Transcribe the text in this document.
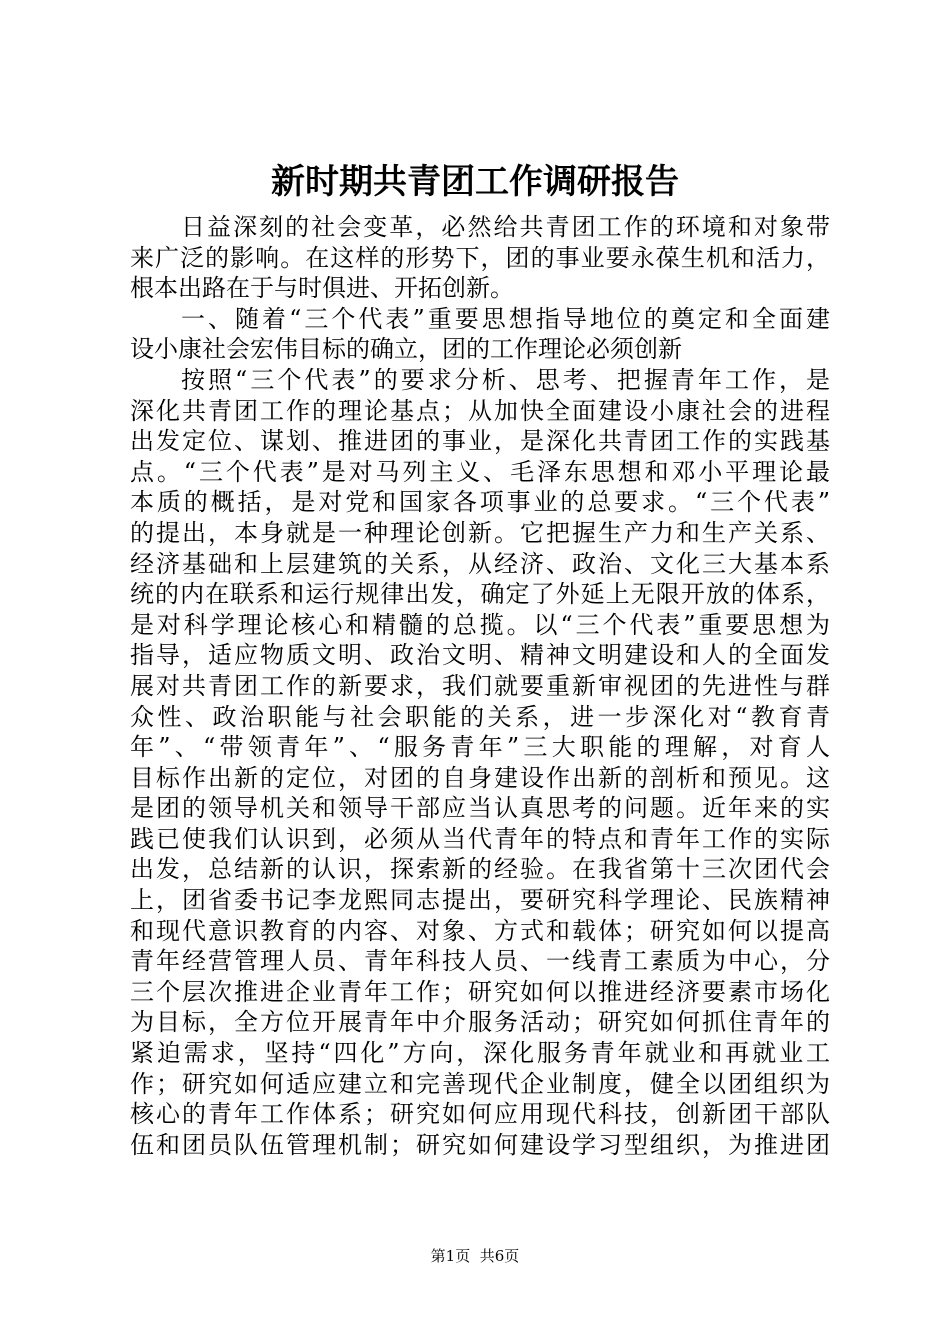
新时期共青团工作调研报告
日益深刻的社会变革，必然给共青团工作的环境和对象带
来广泛的影响。在这样的形势下，团的事业要永葆生机和活力，
根本出路在于与时俱进、开拓创新。
一、随着“三个代表”重要思想指导地位的奠定和全面建
设小康社会宏伟目标的确立，团的工作理论必须创新
按照“三个代表”的要求分析、思考、把握青年工作，是
深化共青团工作的理论基点；从加快全面建设小康社会的进程
出发定位、谋划、推进团的事业，是深化共青团工作的实践基
点。“三个代表”是对马列主义、毛泽东思想和邓小平理论最
本质的概括，是对党和国家各项事业的总要求。“三个代表”
的提出，本身就是一种理论创新。它把握生产力和生产关系、
经济基础和上层建筑的关系，从经济、政治、文化三大基本系
统的内在联系和运行规律出发，确定了外延上无限开放的体系，
是对科学理论核心和精髓的总揽。以“三个代表”重要思想为
指导，适应物质文明、政治文明、精神文明建设和人的全面发
展对共青团工作的新要求，我们就要重新审视团的先进性与群
众性、政治职能与社会职能的关系，进一步深化对“教育青
年”、“带领青年”、“服务青年”三大职能的理解，对育人
目标作出新的定位，对团的自身建设作出新的剖析和预见。这
是团的领导机关和领导干部应当认真思考的问题。近年来的实
践已使我们认识到，必须从当代青年的特点和青年工作的实际
出发，总结新的认识，探索新的经验。在我省第十三次团代会
上，团省委书记李龙熙同志提出，要研究科学理论、民族精神
和现代意识教育的内容、对象、方式和载体；研究如何以提高
青年经营管理人员、青年科技人员、一线青工素质为中心，分
三个层次推进企业青年工作；研究如何以推进经济要素市场化
为目标，全方位开展青年中介服务活动；研究如何抓住青年的
紧迫需求，坚持“四化”方向，深化服务青年就业和再就业工
作；研究如何适应建立和完善现代企业制度，健全以团组织为
核心的青年工作体系；研究如何应用现代科技，创新团干部队
伍和团员队伍管理机制；研究如何建设学习型组织，为推进团
第1页 共6页
